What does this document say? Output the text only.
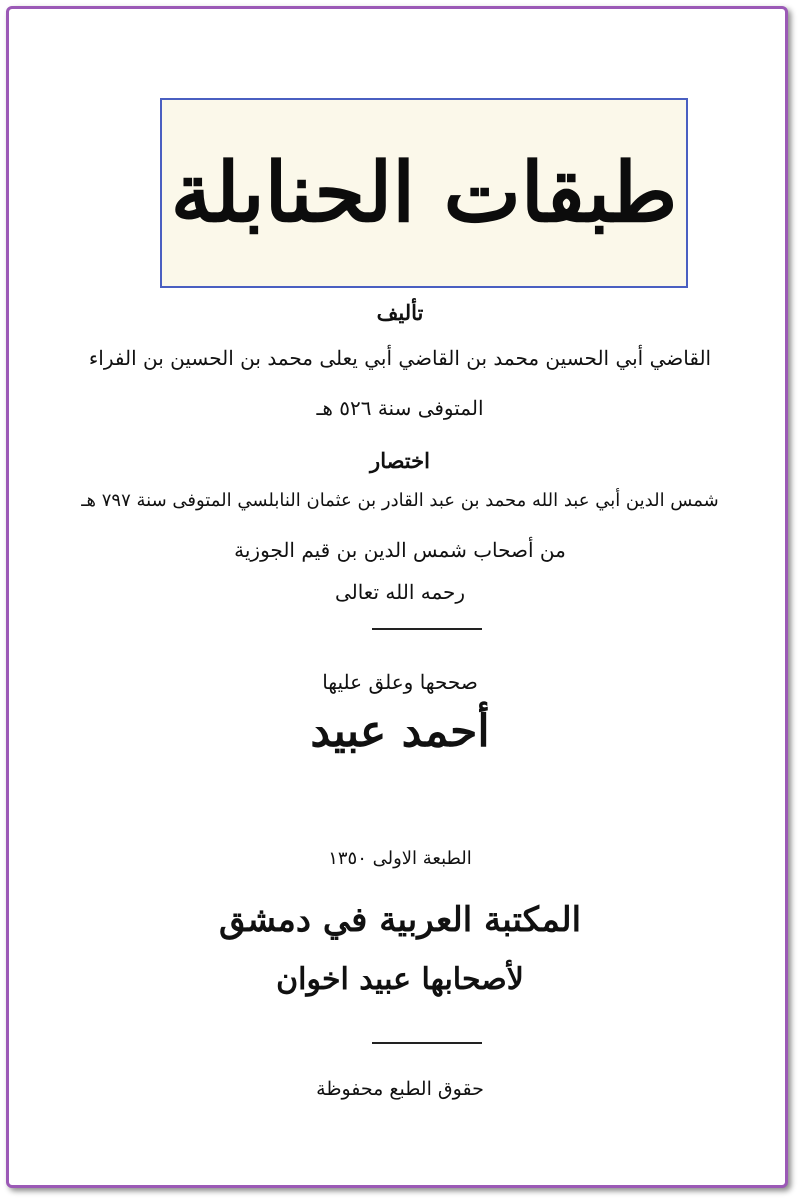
طبقات الحنابلة
تأليف
القاضي أبي الحسين محمد بن القاضي أبي يعلى محمد بن الحسين بن الفراء
المتوفى سنة ٥٢٦ هـ
اختصار
شمس الدين أبي عبد الله محمد بن عبد القادر بن عثمان النابلسي المتوفى سنة ٧٩٧ هـ
من أصحاب شمس الدين بن قيم الجوزية
رحمه الله تعالى
صححها وعلق عليها
أحمد عبيد
الطبعة الاولى ١٣٥٠
المكتبة العربية في دمشق
لأصحابها عبيد اخوان
حقوق الطبع محفوظة
